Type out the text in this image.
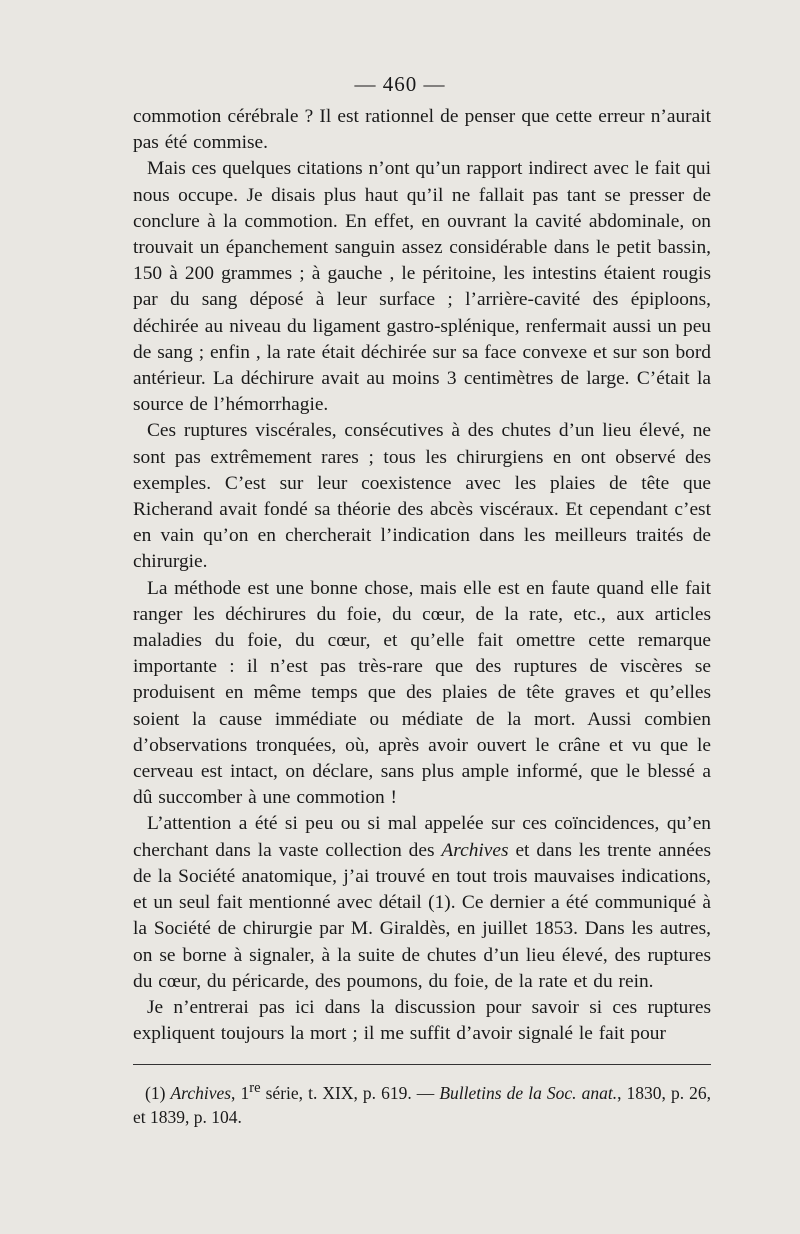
— 460 —

commotion cérébrale ? Il est rationnel de penser que cette erreur n’aurait pas été commise.

Mais ces quelques citations n’ont qu’un rapport indirect avec le fait qui nous occupe. Je disais plus haut qu’il ne fallait pas tant se presser de conclure à la commotion. En effet, en ouvrant la cavité abdominale, on trouvait un épanchement sanguin assez considérable dans le petit bassin, 150 à 200 grammes ; à gauche , le péritoine, les intestins étaient rougis par du sang déposé à leur surface ; l’arrière-cavité des épiploons, déchirée au niveau du ligament gastro-splénique, renfermait aussi un peu de sang ; enfin , la rate était déchirée sur sa face convexe et sur son bord antérieur. La déchirure avait au moins 3 centimètres de large. C’était la source de l’hémorrhagie.

Ces ruptures viscérales, consécutives à des chutes d’un lieu élevé, ne sont pas extrêmement rares ; tous les chirurgiens en ont observé des exemples. C’est sur leur coexistence avec les plaies de tête que Richerand avait fondé sa théorie des abcès viscéraux. Et cependant c’est en vain qu’on en chercherait l’indication dans les meilleurs traités de chirurgie.

La méthode est une bonne chose, mais elle est en faute quand elle fait ranger les déchirures du foie, du cœur, de la rate, etc., aux articles maladies du foie, du cœur, et qu’elle fait omettre cette remarque importante : il n’est pas très-rare que des ruptures de viscères se produisent en même temps que des plaies de tête graves et qu’elles soient la cause immédiate ou médiate de la mort. Aussi combien d’observations tronquées, où, après avoir ouvert le crâne et vu que le cerveau est intact, on déclare, sans plus ample informé, que le blessé a dû succomber à une commotion !

L’attention a été si peu ou si mal appelée sur ces coïncidences, qu’en cherchant dans la vaste collection des Archives et dans les trente années de la Société anatomique, j’ai trouvé en tout trois mauvaises indications, et un seul fait mentionné avec détail (1). Ce dernier a été communiqué à la Société de chirurgie par M. Giraldès, en juillet 1853. Dans les autres, on se borne à signaler, à la suite de chutes d’un lieu élevé, des ruptures du cœur, du péricarde, des poumons, du foie, de la rate et du rein.

Je n’entrerai pas ici dans la discussion pour savoir si ces ruptures expliquent toujours la mort ; il me suffit d’avoir signalé le fait pour

(1) Archives, 1re série, t. XIX, p. 619. — Bulletins de la Soc. anat., 1830, p. 26, et 1839, p. 104.
